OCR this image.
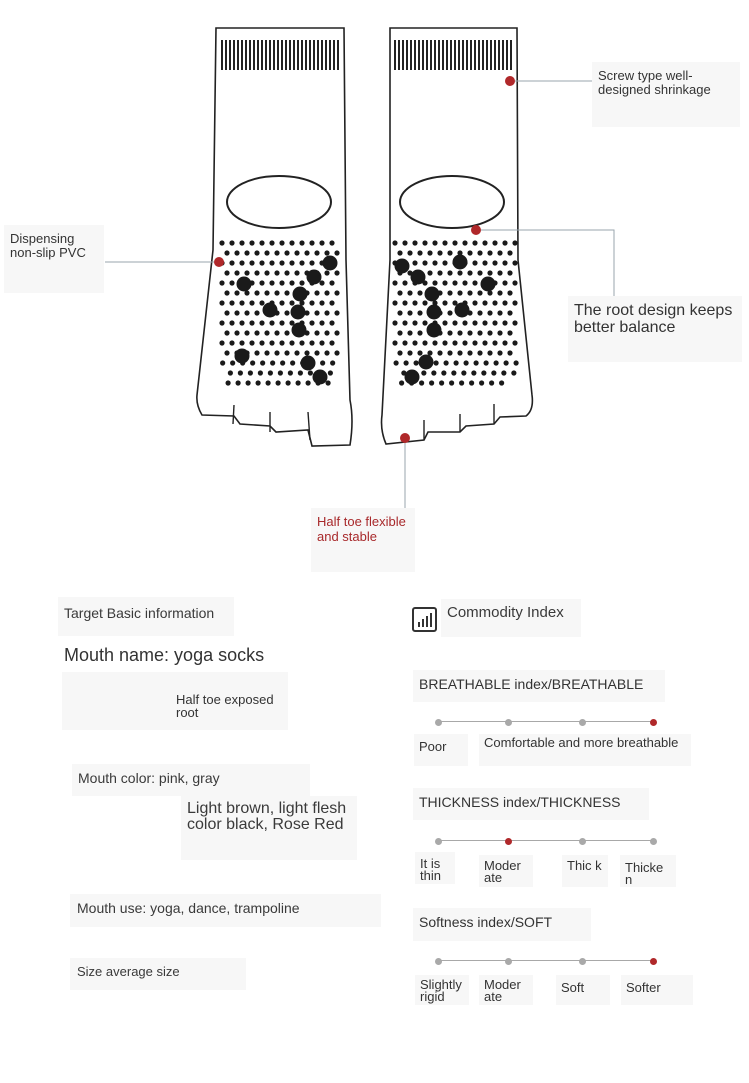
Screw type well-designed shrinkage
Dispensing non-slip PVC
The root design keeps better balance
Half toe flexible and stable
Target Basic information
Mouth name: yoga socks
Half toe exposed root
Mouth color: pink, gray
Light brown, light flesh color black, Rose Red
Mouth use: yoga, dance, trampoline
Size average size
Commodity Index
BREATHABLE index/BREATHABLE
Poor	Comfortable and more breathable
THICKNESS index/THICKNESS
It is thin
Moder ate
Thic k	Thicke n
Softness index/SOFT
Slightly rigid
Moder ate
Soft	Softer
